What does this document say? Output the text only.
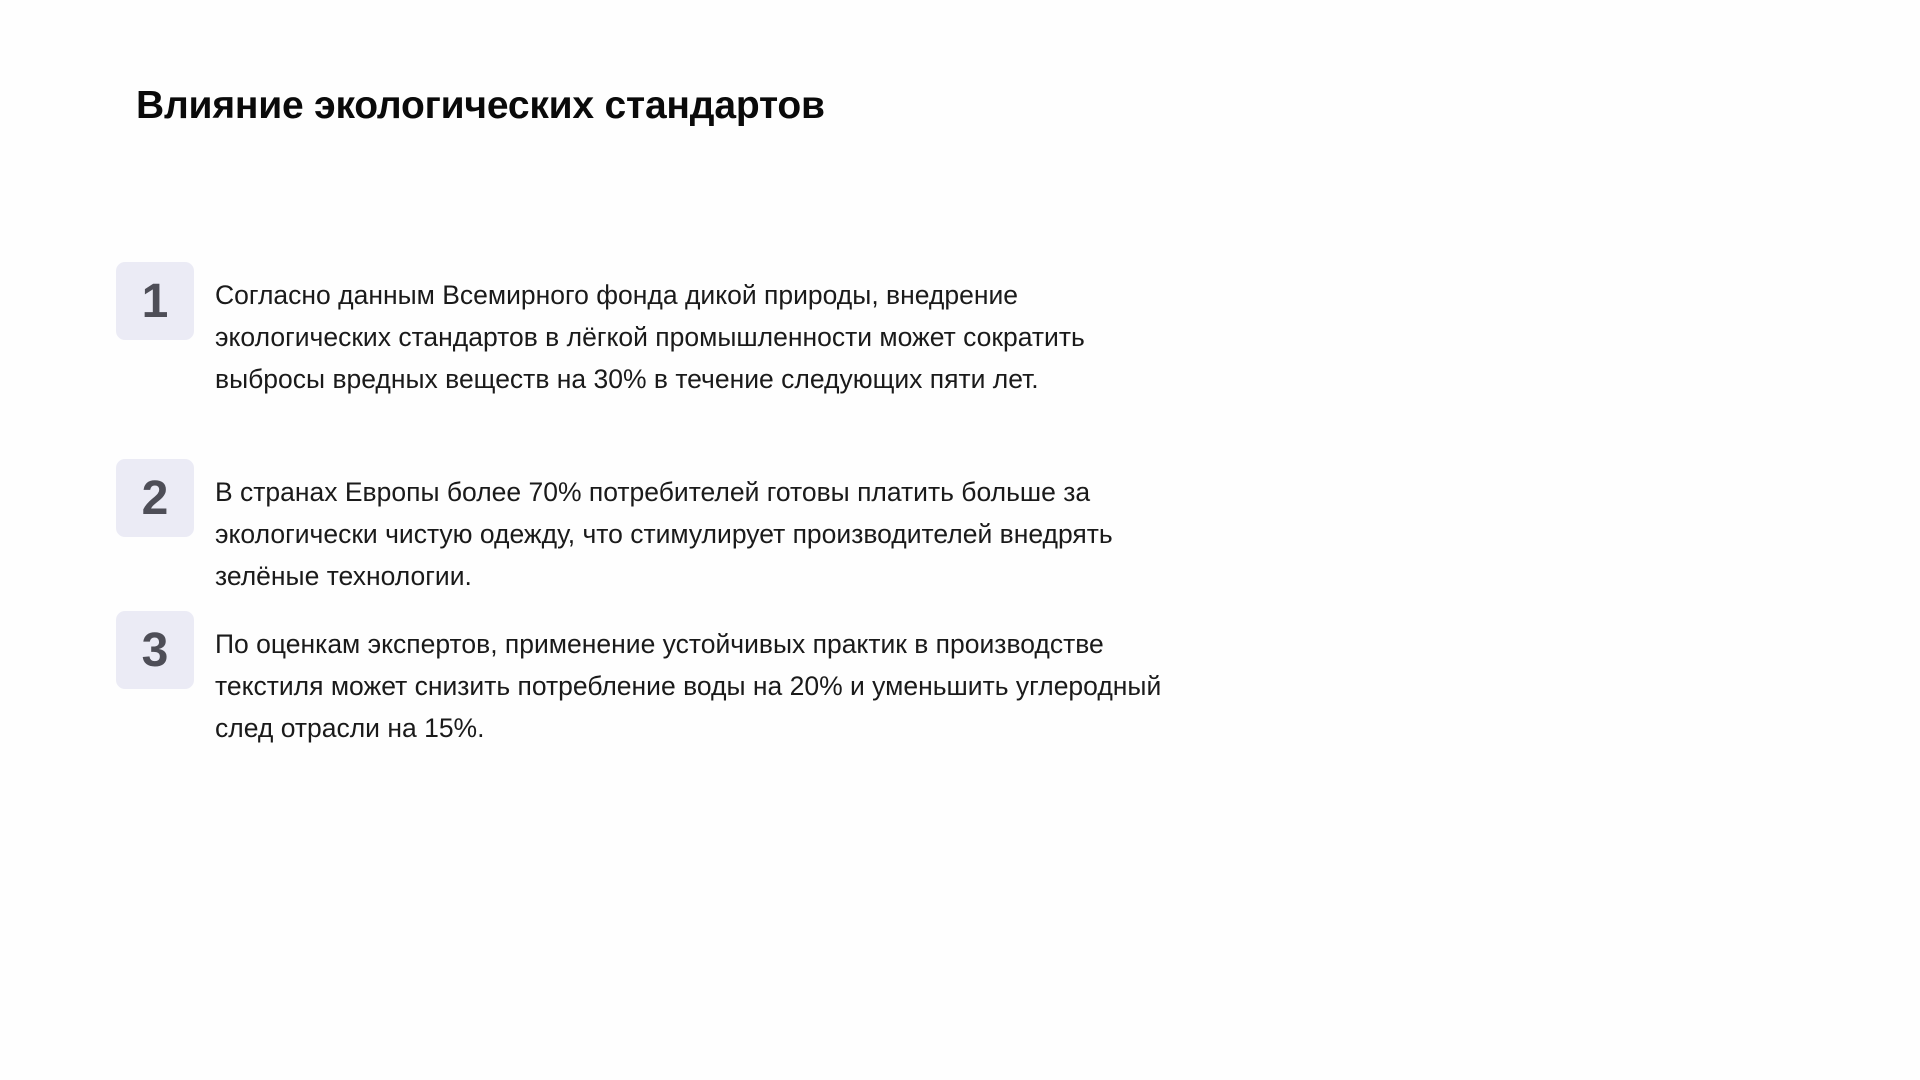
Влияние экологических стандартов
1	Согласно данным Всемирного фонда дикой природы, внедрение
экологических стандартов в лёгкой промышленности может сократить
выбросы вредных веществ на 30% в течение следующих пяти лет.

2	В странах Европы более 70% потребителей готовы платить больше за
экологически чистую одежду, что стимулирует производителей внедрять
зелёные технологии.

3	По оценкам экспертов, применение устойчивых практик в производстве
текстиля может снизить потребление воды на 20% и уменьшить углеродный
след отрасли на 15%.
